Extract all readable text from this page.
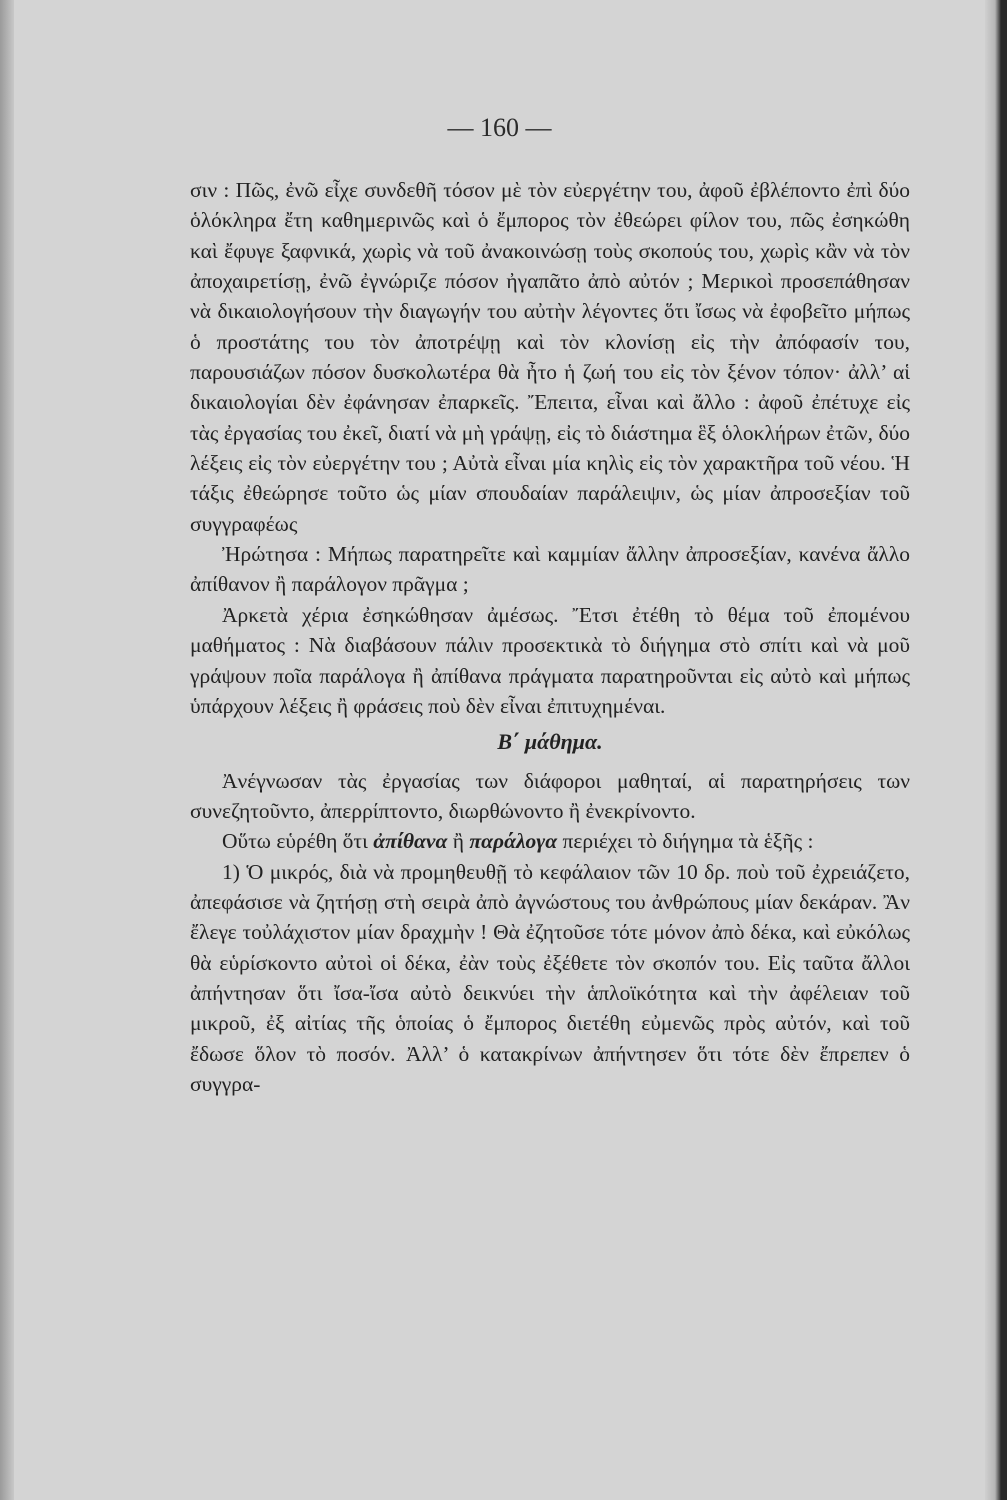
— 160 —

σιν : Πῶς, ἐνῶ εἶχε συνδεθῆ τόσον μὲ τὸν εὐεργέτην του, ἀφοῦ ἐβλέποντο ἐπὶ δύο ὁλόκληρα ἔτη καθημερινῶς καὶ ὁ ἔμπορος τὸν ἐθεώρει φίλον του, πῶς ἐσηκώθη καὶ ἔφυγε ξαφνικά, χωρὶς νὰ τοῦ ἀνακοινώσῃ τοὺς σκοπούς του, χωρὶς κἂν νὰ τὸν ἀποχαιρετίσῃ, ἐνῶ ἐγνώριζε πόσον ἠγαπᾶτο ἀπὸ αὐτόν ; Μερικοὶ προσεπάθησαν νὰ δικαιολογήσουν τὴν διαγωγήν του αὐτὴν λέγοντες ὅτι ἴσως νὰ ἐφοβεῖτο μήπως ὁ προστάτης του τὸν ἀποτρέψῃ καὶ τὸν κλονίσῃ εἰς τὴν ἀπόφασίν του, παρουσιάζων πόσον δυσκολωτέρα θὰ ἦτο ἡ ζωή του εἰς τὸν ξένον τόπον· ἀλλ’ αἱ δικαιολογίαι δὲν ἐφάνησαν ἐπαρκεῖς. Ἔπειτα, εἶναι καὶ ἄλλο : ἀφοῦ ἐπέτυχε εἰς τὰς ἐργασίας του ἐκεῖ, διατί νὰ μὴ γράψῃ, εἰς τὸ διάστημα ἓξ ὁλοκλήρων ἐτῶν, δύο λέξεις εἰς τὸν εὐεργέτην του ; Αὐτὰ εἶναι μία κηλὶς εἰς τὸν χαρακτῆρα τοῦ νέου. Ἡ τάξις ἐθεώρησε τοῦτο ὡς μίαν σπουδαίαν παράλειψιν, ὡς μίαν ἀπροσεξίαν τοῦ συγγραφέως

Ἠρώτησα : Μήπως παρατηρεῖτε καὶ καμμίαν ἄλλην ἀπροσεξίαν, κανένα ἄλλο ἀπίθανον ἢ παράλογον πρᾶγμα ;

Ἀρκετὰ χέρια ἐσηκώθησαν ἀμέσως. Ἔτσι ἐτέθη τὸ θέμα τοῦ ἐπομένου μαθήματος : Νὰ διαβάσουν πάλιν προσεκτικὰ τὸ διήγημα στὸ σπίτι καὶ νὰ μοῦ γράψουν ποῖα παράλογα ἢ ἀπίθανα πράγματα παρατηροῦνται εἰς αὐτὸ καὶ μήπως ὑπάρχουν λέξεις ἢ φράσεις ποὺ δὲν εἶναι ἐπιτυχημέναι.

Β΄ μάθημα.

Ἀνέγνωσαν τὰς ἐργασίας των διάφοροι μαθηταί, αἱ παρατηρήσεις των συνεζητοῦντο, ἀπερρίπτοντο, διωρθώνοντο ἢ ἐνεκρίνοντο.

Οὕτω εὑρέθη ὅτι ἀπίθανα ἢ παράλογα περιέχει τὸ διήγημα τὰ ἑξῆς :

1) Ὁ μικρός, διὰ νὰ προμηθευθῇ τὸ κεφάλαιον τῶν 10 δρ. ποὺ τοῦ ἐχρειάζετο, ἀπεφάσισε νὰ ζητήσῃ στὴ σειρὰ ἀπὸ ἀγνώστους του ἀνθρώπους μίαν δεκάραν. Ἂν ἔλεγε τοὐλάχιστον μίαν δραχμὴν ! Θὰ ἐζητοῦσε τότε μόνον ἀπὸ δέκα, καὶ εὐκόλως θὰ εὑρίσκοντο αὐτοὶ οἱ δέκα, ἐὰν τοὺς ἐξέθετε τὸν σκοπόν του. Εἰς ταῦτα ἄλλοι ἀπήντησαν ὅτι ἴσα-ἴσα αὐτὸ δεικνύει τὴν ἁπλοϊκότητα καὶ τὴν ἀφέλειαν τοῦ μικροῦ, ἐξ αἰτίας τῆς ὁποίας ὁ ἔμπορος διετέθη εὐμενῶς πρὸς αὐτόν, καὶ τοῦ ἔδωσε ὅλον τὸ ποσόν. Ἀλλ’ ὁ κατακρίνων ἀπήντησεν ὅτι τότε δὲν ἔπρεπεν ὁ συγγρα-
